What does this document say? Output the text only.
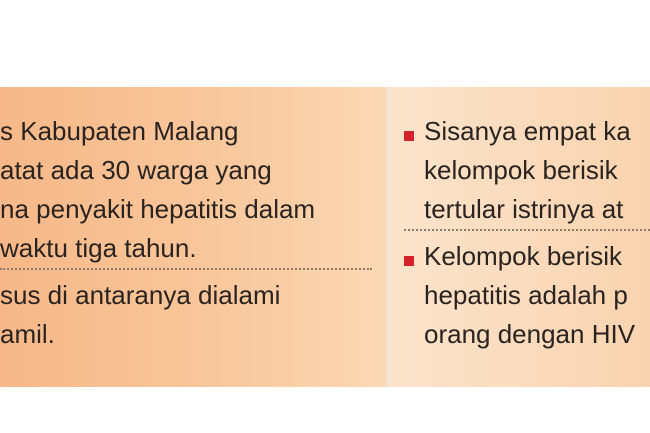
s Kabupaten Malang
atat ada 30 warga yang
na penyakit hepatitis dalam
waktu tiga tahun.

sus di antaranya dialami
amil.

Sisanya empat ka
kelompok berisik
tertular istrinya at

Kelompok berisik
hepatitis adalah p
orang dengan HIV
